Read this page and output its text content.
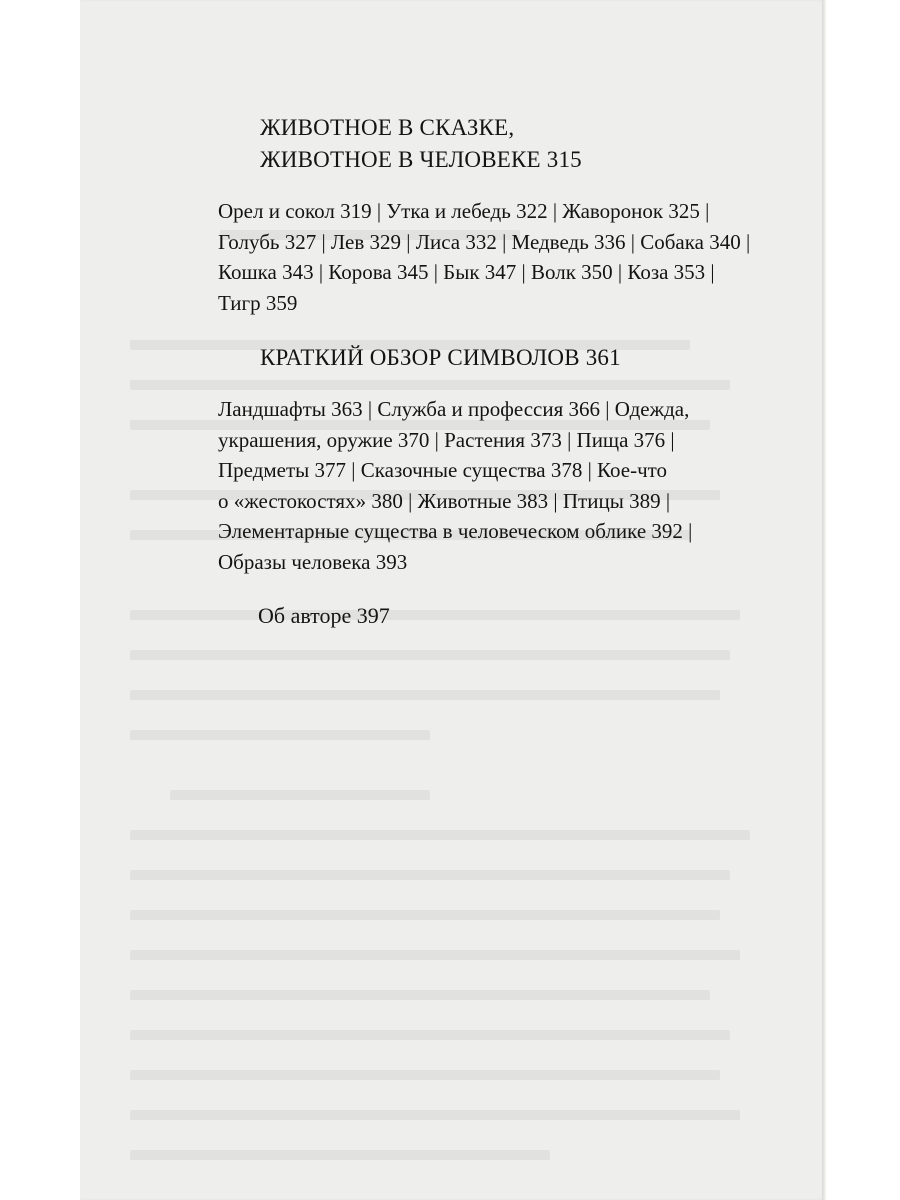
ЖИВОТНОЕ В СКАЗКЕ,
ЖИВОТНОЕ В ЧЕЛОВЕКЕ 315
Орел и сокол 319 | Утка и лебедь 322 | Жаворонок 325 |
Голубь 327 | Лев 329 | Лиса 332 | Медведь 336 | Собака 340 |
Кошка 343 | Корова 345 | Бык 347 | Волк 350 | Коза 353 |
Тигр 359
КРАТКИЙ ОБЗОР СИМВОЛОВ 361
Ландшафты 363 | Служба и профессия 366 | Одежда,
украшения, оружие 370 | Растения 373 | Пища 376 |
Предметы 377 | Сказочные существа 378 | Кое-что
о «жестокостях» 380 | Животные 383 | Птицы 389 |
Элементарные существа в человеческом облике 392 |
Образы человека 393
Об авторе 397
